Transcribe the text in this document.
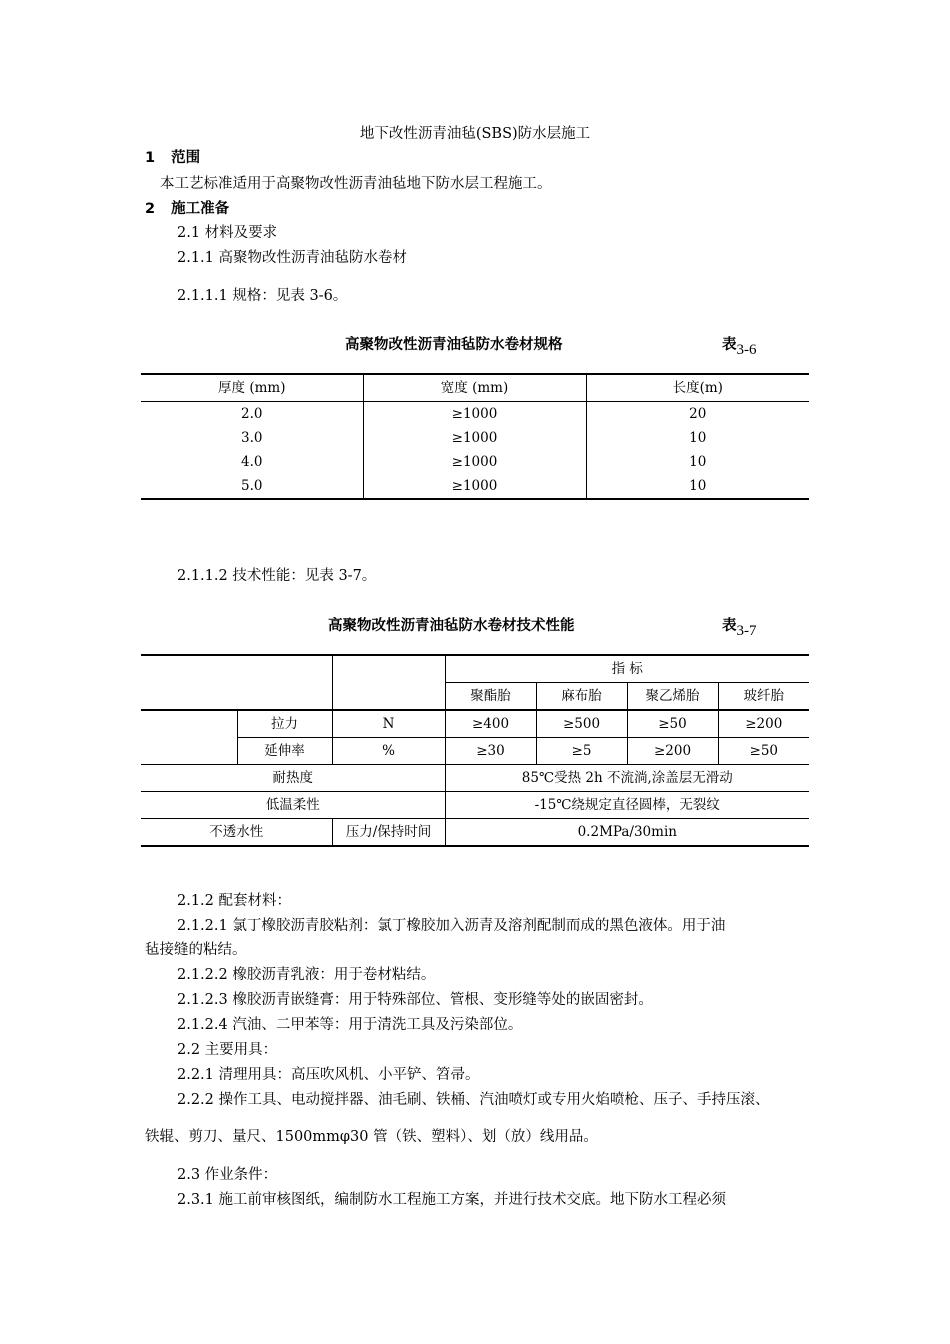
地下改性沥青油毡(SBS)防水层施工
1 范围
本工艺标准适用于高聚物改性沥青油毡地下防水层工程施工。
2 施工准备
2.1 材料及要求
2.1.1 高聚物改性沥青油毡防水卷材
2.1.1.1 规格：见表 3-6。
高聚物改性沥青油毡防水卷材规格	表3-6
厚度 (mm)	宽度 (mm)	长度(m)
2.0	≥1000	20
3.0	≥1000	10
4.0	≥1000	10
5.0	≥1000	10
2.1.1.2 技术性能：见表 3-7。
高聚物改性沥青油毡防水卷材技术性能	表3-7
			指 标			
			聚酯胎	麻布胎	聚乙烯胎	玻纤胎
	拉力	N	≥400	≥500	≥50	≥200
	延伸率	%	≥30	≥5	≥200	≥50
耐热度			85℃受热 2h 不流淌,涂盖层无滑动			
低温柔性			-15℃绕规定直径圆棒，无裂纹			
不透水性		压力/保持时间	0.2MPa/30min			
2.1.2 配套材料：
2.1.2.1 氯丁橡胶沥青胶粘剂：氯丁橡胶加入沥青及溶剂配制而成的黑色液体。用于油
毡接缝的粘结。
2.1.2.2 橡胶沥青乳液：用于卷材粘结。
2.1.2.3 橡胶沥青嵌缝膏：用于特殊部位、管根、变形缝等处的嵌固密封。
2.1.2.4 汽油、二甲苯等：用于清洗工具及污染部位。
2.2 主要用具：
2.2.1 清理用具：高压吹风机、小平铲、笤帚。
2.2.2 操作工具、电动搅拌器、油毛刷、铁桶、汽油喷灯或专用火焰喷枪、压子、手持压滚、
铁辊、剪刀、量尺、1500mmφ30 管（铁、塑料）、划（放）线用品。
2.3 作业条件：
2.3.1 施工前审核图纸，编制防水工程施工方案，并进行技术交底。地下防水工程必须
